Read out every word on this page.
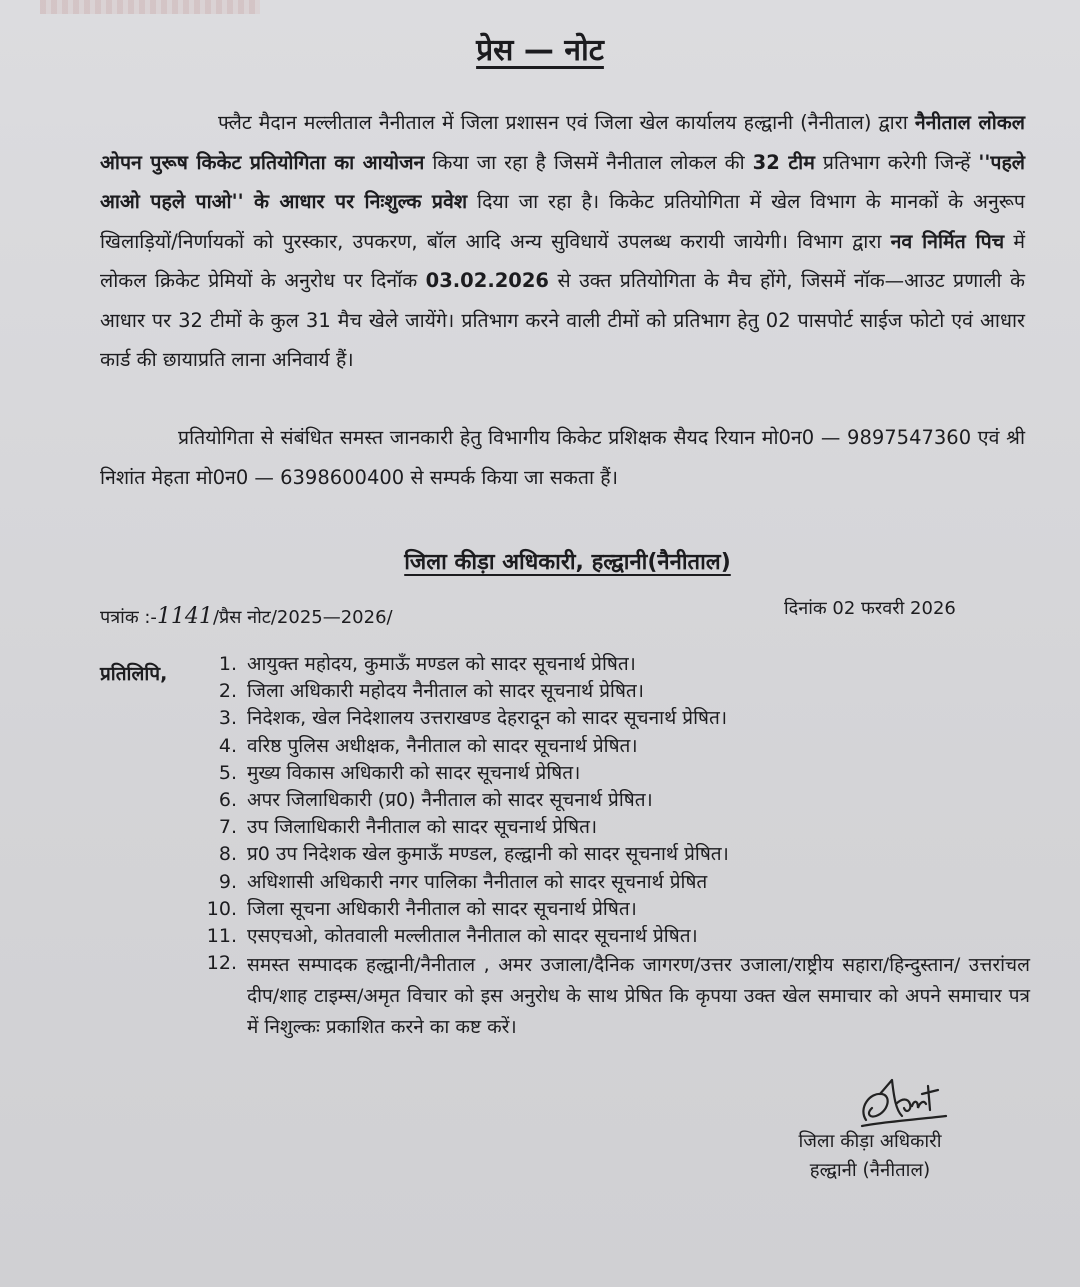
प्रेस — नोट

फ्लैट मैदान मल्लीताल नैनीताल में जिला प्रशासन एवं जिला खेल कार्यालय हल्द्वानी (नैनीताल) द्वारा नैनीताल लोकल ओपन पुरूष किकेट प्रतियोगिता का आयोजन किया जा रहा है जिसमें नैनीताल लोकल की 32 टीम प्रतिभाग करेगी जिन्हें ''पहले आओ पहले पाओ'' के आधार पर निःशुल्क प्रवेश दिया जा रहा है। किकेट प्रतियोगिता में खेल विभाग के मानकों के अनुरूप खिलाड़ियों/निर्णायकों को पुरस्कार, उपकरण, बॉल आदि अन्य सुविधायें उपलब्ध करायी जायेगी। विभाग द्वारा नव निर्मित पिच में लोकल क्रिकेट प्रेमियों के अनुरोध पर दिनॉक 03.02.2026 से उक्त प्रतियोगिता के मैच होंगे, जिसमें नॉक—आउट प्रणाली के आधार पर 32 टीमों के कुल 31 मैच खेले जायेंगे। प्रतिभाग करने वाली टीमों को प्रतिभाग हेतु 02 पासपोर्ट साईज फोटो एवं आधार कार्ड की छायाप्रति लाना अनिवार्य हैं।

प्रतियोगिता से संबंधित समस्त जानकारी हेतु विभागीय किकेट प्रशिक्षक सैयद रियान मो0न0 — 9897547360 एवं श्री निशांत मेहता मो0न0 — 6398600400 से सम्पर्क किया जा सकता हैं।

जिला कीड़ा अधिकारी, हल्द्वानी(नैनीताल)
पत्रांक :-1141/प्रैस नोट/2025—2026/	दिनांक 02 फरवरी 2026
प्रतिलिपि,	1. आयुक्त महोदय, कुमाऊँ मण्डल को सादर सूचनार्थ प्रेषित।
2. जिला अधिकारी महोदय नैनीताल को सादर सूचनार्थ प्रेषित।
3. निदेशक, खेल निदेशालय उत्तराखण्ड देहरादून को सादर सूचनार्थ प्रेषित।
4. वरिष्ठ पुलिस अधीक्षक, नैनीताल को सादर सूचनार्थ प्रेषित।
5. मुख्य विकास अधिकारी को सादर सूचनार्थ प्रेषित।
6. अपर जिलाधिकारी (प्र0) नैनीताल को सादर सूचनार्थ प्रेषित।
7. उप जिलाधिकारी नैनीताल को सादर सूचनार्थ प्रेषित।
8. प्र0 उप निदेशक खेल कुमाऊँ मण्डल, हल्द्वानी को सादर सूचनार्थ प्रेषित।
9. अधिशासी अधिकारी नगर पालिका नैनीताल को सादर सूचनार्थ प्रेषित
10. जिला सूचना अधिकारी नैनीताल को सादर सूचनार्थ प्रेषित।
11. एसएचओ, कोतवाली मल्लीताल नैनीताल को सादर सूचनार्थ प्रेषित।
12. समस्त सम्पादक हल्द्वानी/नैनीताल , अमर उजाला/दैनिक जागरण/उत्तर उजाला/राष्ट्रीय सहारा/हिन्दुस्तान/ उत्तरांचल दीप/शाह टाइम्स/अमृत विचार को इस अनुरोध के साथ प्रेषित कि कृपया उक्त खेल समाचार को अपने समाचार पत्र में निशुल्कः प्रकाशित करने का कष्ट करें।
जिला कीड़ा अधिकारी
हल्द्वानी (नैनीताल)
